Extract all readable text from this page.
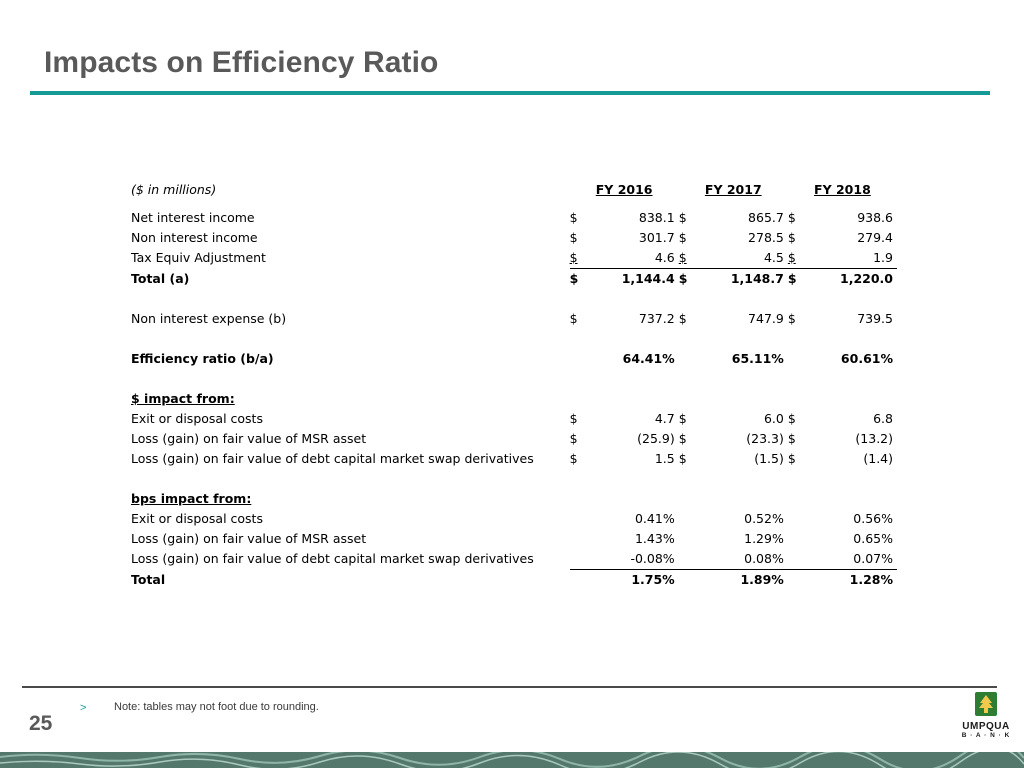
Impacts on Efficiency Ratio
($ in millions)	FY 2016		FY 2017		FY 2018	

Net interest income	$	838.1	$	865.7	$	938.6
Non interest income	$	301.7	$	278.5	$	279.4
Tax Equiv Adjustment	$	4.6	$	4.5	$	1.9
Total (a)	$	1,144.4	$	1,148.7	$	1,220.0

Non interest expense (b)	$	737.2	$	747.9	$	739.5

Efficiency ratio (b/a)		64.41%		65.11%		60.61%

$ impact from:						
Exit or disposal costs	$	4.7	$	6.0	$	6.8
Loss (gain) on fair value of MSR asset	$	(25.9)	$	(23.3)	$	(13.2)
Loss (gain) on fair value of debt capital market swap derivatives	$	1.5	$	(1.5)	$	(1.4)

bps impact from:						
Exit or disposal costs		0.41%		0.52%		0.56%
Loss (gain) on fair value of MSR asset		1.43%		1.29%		0.65%
Loss (gain) on fair value of debt capital market swap derivatives		-0.08%		0.08%		0.07%
Total		1.75%		1.89%		1.28%
>	Note: tables may not foot due to rounding.
25	UMPQUA
B · A · N · K
